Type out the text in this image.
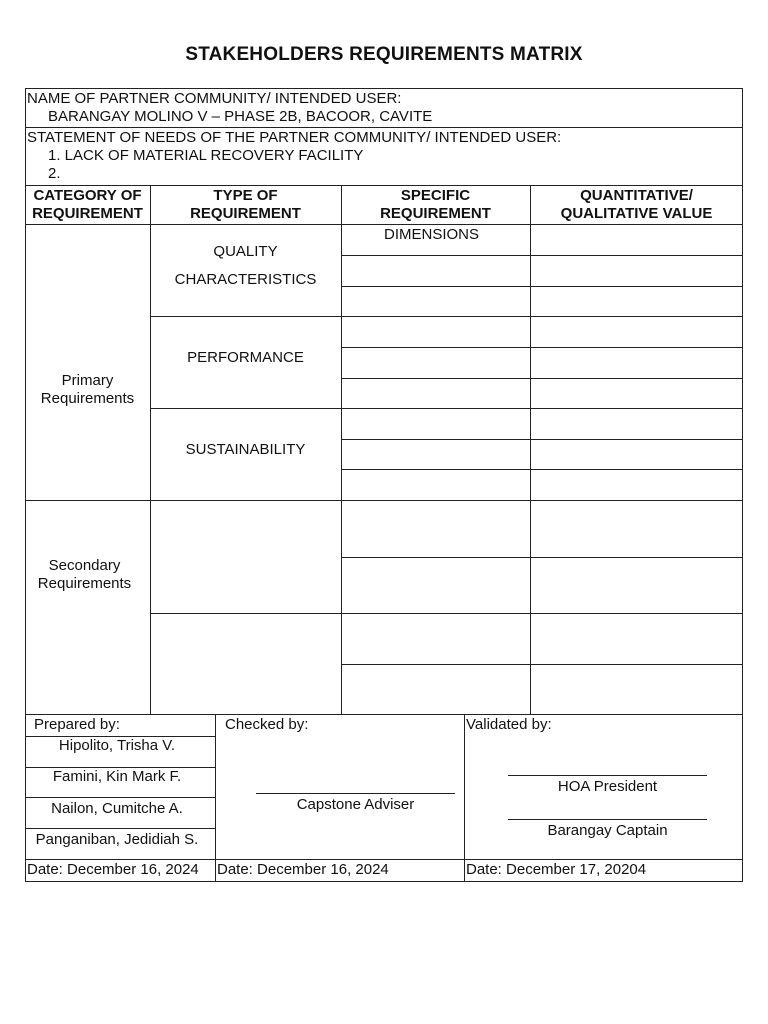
STAKEHOLDERS REQUIREMENTS MATRIX
NAME OF PARTNER COMMUNITY/ INTENDED USER:
BARANGAY MOLINO V – PHASE 2B, BACOOR, CAVITE
STATEMENT OF NEEDS OF THE PARTNER COMMUNITY/ INTENDED USER:
1. LACK OF MATERIAL RECOVERY FACILITY
2.
CATEGORY OF
REQUIREMENT
TYPE OF
REQUIREMENT
SPECIFIC
REQUIREMENT
QUANTITATIVE/
QUALITATIVE VALUE
Primary
Requirements
QUALITY
CHARACTERISTICS
PERFORMANCE
SUSTAINABILITY
DIMENSIONS
Secondary
Requirements
Prepared by:
Hipolito, Trisha V.
Famini, Kin Mark F.
Nailon, Cumitche A.
Panganiban, Jedidiah S.
Checked by:
Capstone Adviser
Validated by:
HOA President
Barangay Captain
Date: December 16, 2024 Date: December 16, 2024	Date: December 17, 20204
